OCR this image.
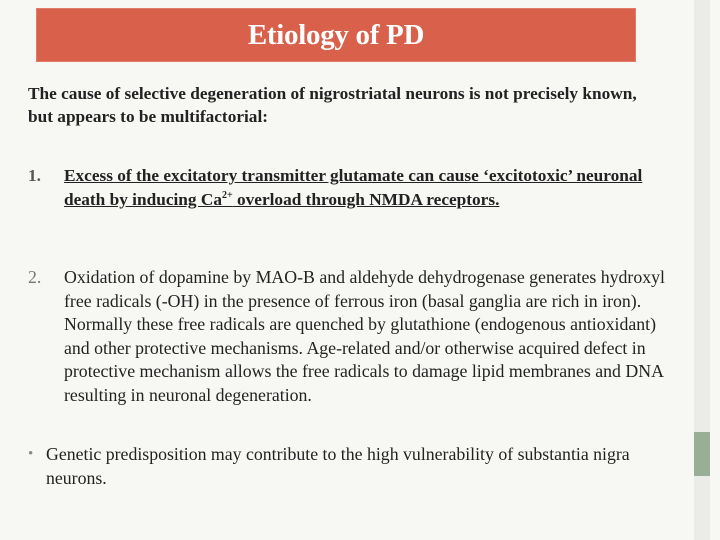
Etiology of PD

The cause of selective degeneration of nigrostriatal neurons is not precisely known, but appears to be multifactorial:

1. Excess of the excitatory transmitter glutamate can cause ‘excitotoxic’ neuronal death by inducing $Ca^{2+}$ overload through NMDA receptors.
2. Oxidation of dopamine by MAO-B and aldehyde dehydrogenase generates hydroxyl free radicals (-OH) in the presence of ferrous iron (basal ganglia are rich in iron). Normally these free radicals are quenched by glutathione (endogenous antioxidant) and other protective mechanisms. Age-related and/or otherwise acquired defect in protective mechanism allows the free radicals to damage lipid membranes and DNA resulting in neuronal degeneration.
• Genetic predisposition may contribute to the high vulnerability of substantia nigra neurons.
